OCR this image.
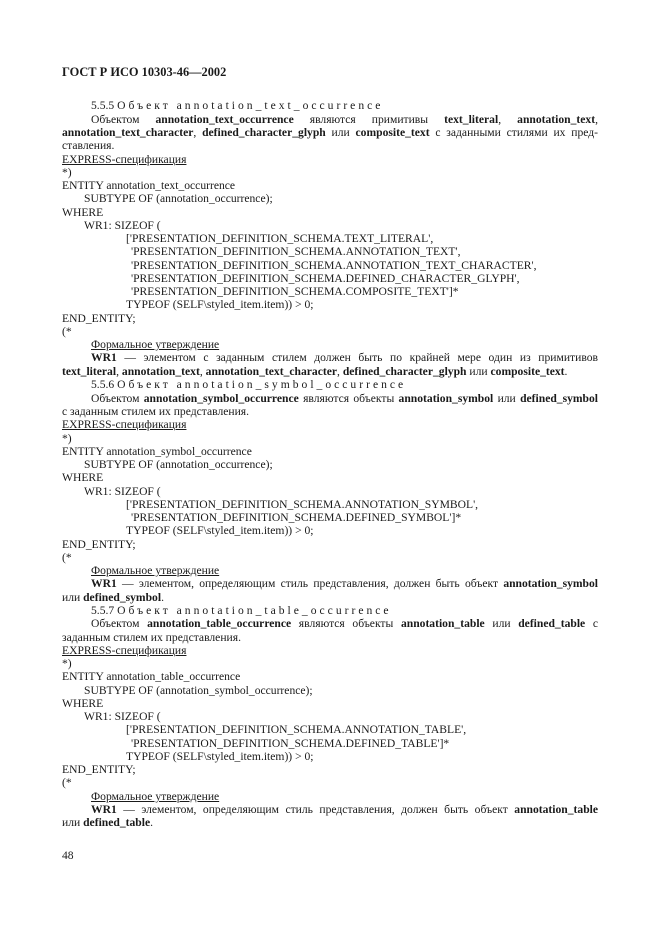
ГОСТ Р ИСО 10303-46—2002
5.5.5 Объект annotation_text_occurrence
Объектом annotation_text_occurrence являются примитивы text_literal, annotation_text,
annotation_text_character, defined_character_glyph или composite_text с заданными стилями их пред-
ставления.
EXPRESS-спецификация
*)
ENTITY annotation_text_occurrence
SUBTYPE OF (annotation_occurrence);
WHERE
WR1: SIZEOF (
['PRESENTATION_DEFINITION_SCHEMA.TEXT_LITERAL',
'PRESENTATION_DEFINITION_SCHEMA.ANNOTATION_TEXT',
'PRESENTATION_DEFINITION_SCHEMA.ANNOTATION_TEXT_CHARACTER',
'PRESENTATION_DEFINITION_SCHEMA.DEFINED_CHARACTER_GLYPH',
'PRESENTATION_DEFINITION_SCHEMA.COMPOSITE_TEXT']*
TYPEOF (SELF\styled_item.item)) > 0;
END_ENTITY;
(*
Формальное утверждение
WR1 — элементом с заданным стилем должен быть по крайней мере один из примитивов
text_literal, annotation_text, annotation_text_character, defined_character_glyph или composite_text.
5.5.6 Объект annotation_symbol_occurrence
Объектом annotation_symbol_occurrence являются объекты annotation_symbol или defined_symbol
с заданным стилем их представления.
EXPRESS-спецификация
*)
ENTITY annotation_symbol_occurrence
SUBTYPE OF (annotation_occurrence);
WHERE
WR1: SIZEOF (
['PRESENTATION_DEFINITION_SCHEMA.ANNOTATION_SYMBOL',
'PRESENTATION_DEFINITION_SCHEMA.DEFINED_SYMBOL']*
TYPEOF (SELF\styled_item.item)) > 0;
END_ENTITY;
(*
Формальное утверждение
WR1 — элементом, определяющим стиль представления, должен быть объект annotation_symbol
или defined_symbol.
5.5.7 Объект annotation_table_occurrence
Объектом annotation_table_occurrence являются объекты annotation_table или defined_table с
заданным стилем их представления.
EXPRESS-спецификация
*)
ENTITY annotation_table_occurrence
SUBTYPE OF (annotation_symbol_occurrence);
WHERE
WR1: SIZEOF (
['PRESENTATION_DEFINITION_SCHEMA.ANNOTATION_TABLE',
'PRESENTATION_DEFINITION_SCHEMA.DEFINED_TABLE']*
TYPEOF (SELF\styled_item.item)) > 0;
END_ENTITY;
(*
Формальное утверждение
WR1 — элементом, определяющим стиль представления, должен быть объект annotation_table
или defined_table.
48
